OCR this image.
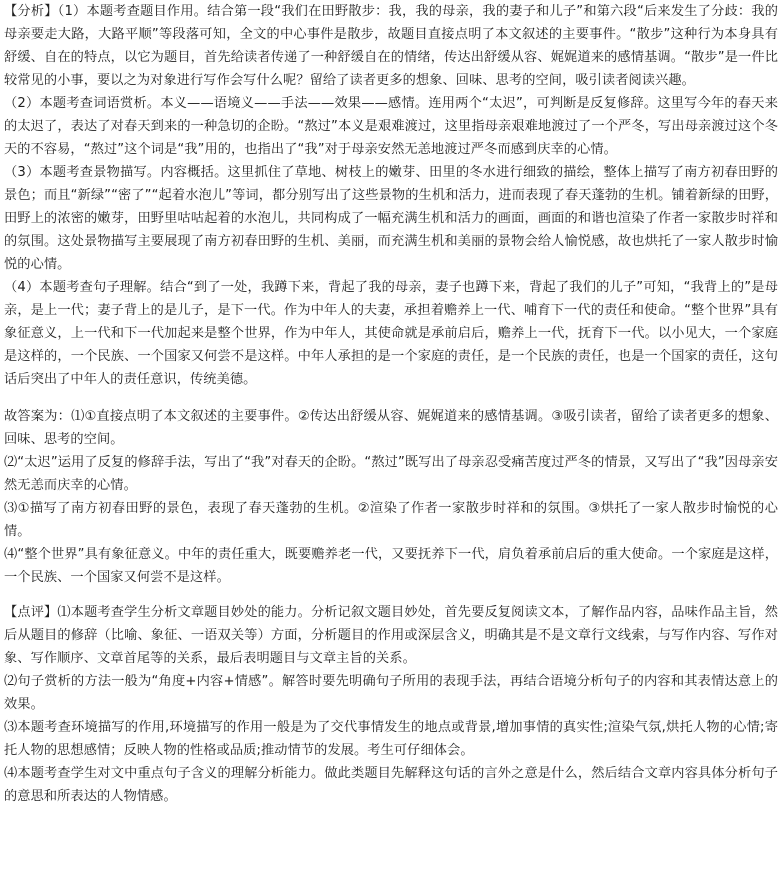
【分析】（1）本题考查题目作用。结合第一段“我们在田野散步：我，我的母亲，我的妻子和儿子”和第六段“后来发生了分歧：我的母亲要走大路，大路平顺”等段落可知，全文的中心事件是散步，故题目直接点明了本文叙述的主要事件。“散步”这种行为本身具有舒缓、自在的特点，以它为题目，首先给读者传递了一种舒缓自在的情绪，传达出舒缓从容、娓娓道来的感情基调。“散步”是一件比较常见的小事，要以之为对象进行写作会写什么呢？留给了读者更多的想象、回味、思考的空间，吸引读者阅读兴趣。

（2）本题考查词语赏析。本义——语境义——手法——效果——感情。连用两个“太迟”，可判断是反复修辞。这里写今年的春天来的太迟了，表达了对春天到来的一种急切的企盼。“熬过”本义是艰难渡过，这里指母亲艰难地渡过了一个严冬，写出母亲渡过这个冬天的不容易，“熬过”这个词是“我”用的，也指出了“我”对于母亲安然无恙地渡过严冬而感到庆幸的心情。

（3）本题考查景物描写。内容概括。这里抓住了草地、树枝上的嫩芽、田里的冬水进行细致的描绘，整体上描写了南方初春田野的景色；而且“新绿”“密了”“起着水泡儿”等词，都分别写出了这些景物的生机和活力，进而表现了春天蓬勃的生机。铺着新绿的田野，田野上的浓密的嫩芽，田野里咕咕起着的水泡儿，共同构成了一幅充满生机和活力的画面，画面的和谐也渲染了作者一家散步时祥和的氛围。这处景物描写主要展现了南方初春田野的生机、美丽，而充满生机和美丽的景物会给人愉悦感，故也烘托了一家人散步时愉悦的心情。

（4）本题考查句子理解。结合“到了一处，我蹲下来，背起了我的母亲，妻子也蹲下来，背起了我们的儿子”可知，“我背上的”是母亲，是上一代；妻子背上的是儿子，是下一代。作为中年人的夫妻，承担着赡养上一代、哺育下一代的责任和使命。“整个世界”具有象征意义，上一代和下一代加起来是整个世界，作为中年人，其使命就是承前启后，赡养上一代，抚育下一代。以小见大，一个家庭是这样的，一个民族、一个国家又何尝不是这样。中年人承担的是一个家庭的责任，是一个民族的责任，也是一个国家的责任，这句话后突出了中年人的责任意识，传统美德。

故答案为：⑴①直接点明了本文叙述的主要事件。②传达出舒缓从容、娓娓道来的感情基调。③吸引读者，留给了读者更多的想象、回味、思考的空间。

⑵“太迟”运用了反复的修辞手法，写出了“我”对春天的企盼。“熬过”既写出了母亲忍受痛苦度过严冬的情景，又写出了“我”因母亲安然无恙而庆幸的心情。

⑶①描写了南方初春田野的景色，表现了春天蓬勃的生机。②渲染了作者一家散步时祥和的氛围。③烘托了一家人散步时愉悦的心情。

⑷“整个世界”具有象征意义。中年的责任重大，既要赡养老一代，又要抚养下一代，肩负着承前启后的重大使命。一个家庭是这样，一个民族、一个国家又何尝不是这样。

【点评】⑴本题考查学生分析文章题目妙处的能力。分析记叙文题目妙处，首先要反复阅读文本，了解作品内容，品味作品主旨，然后从题目的修辞（比喻、象征、一语双关等）方面，分析题目的作用或深层含义，明确其是不是文章行文线索，与写作内容、写作对象、写作顺序、文章首尾等的关系，最后表明题目与文章主旨的关系。

⑵句子赏析的方法一般为“角度+内容+情感”。解答时要先明确句子所用的表现手法，再结合语境分析句子的内容和其表情达意上的效果。

⑶本题考查环境描写的作用,环境描写的作用一般是为了交代事情发生的地点或背景,增加事情的真实性;渲染气氛,烘托人物的心情;寄托人物的思想感情；反映人物的性格或品质;推动情节的发展。考生可仔细体会。

⑷本题考查学生对文中重点句子含义的理解分析能力。做此类题目先解释这句话的言外之意是什么，然后结合文章内容具体分析句子的意思和所表达的人物情感。
